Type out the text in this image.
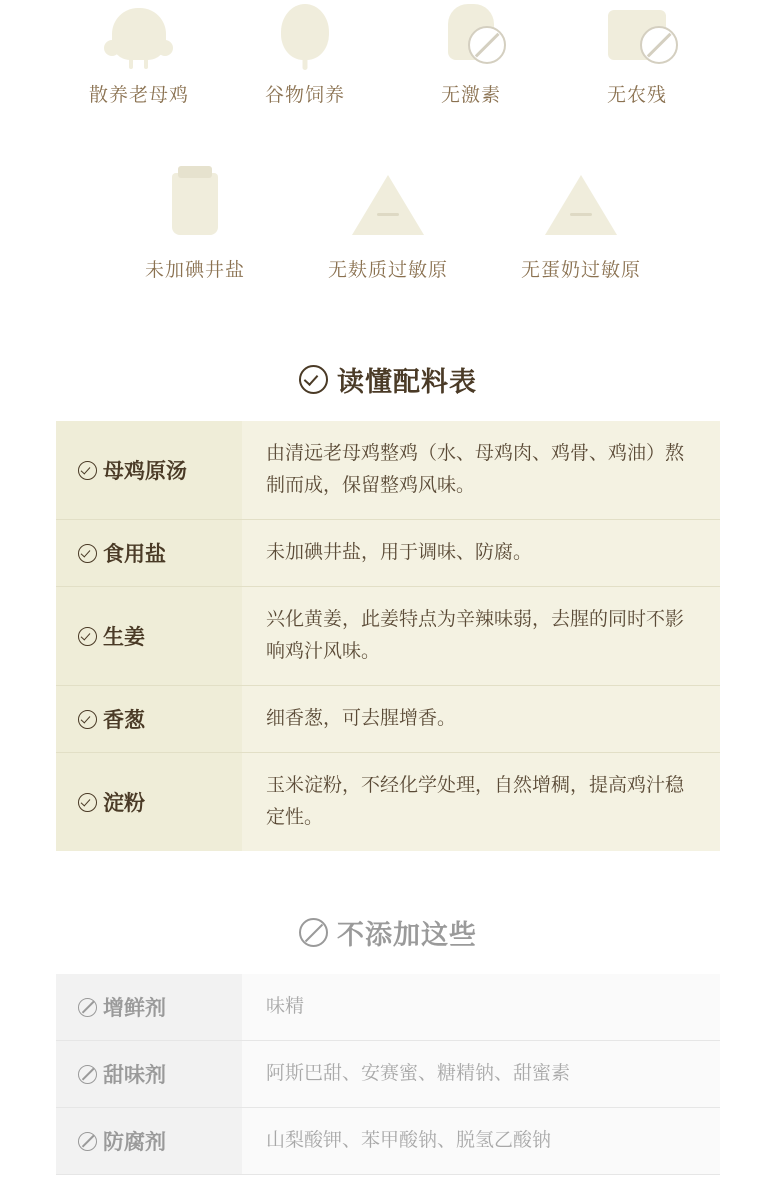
散养老母鸡	谷物饲养	无激素	无农残
未加碘井盐	无麸质过敏原	无蛋奶过敏原
读懂配料表
母鸡原汤	由清远老母鸡整鸡（水、母鸡肉、鸡骨、鸡油）熬制而成，保留整鸡风味。

食用盐	未加碘井盐，用于调味、防腐。

生姜	兴化黄姜，此姜特点为辛辣味弱，去腥的同时不影响鸡汁风味。

香葱	细香葱，可去腥增香。

淀粉	玉米淀粉，不经化学处理，自然增稠，提高鸡汁稳定性。
不添加这些
增鲜剂	味精

甜味剂	阿斯巴甜、安赛蜜、糖精钠、甜蜜素

防腐剂	山梨酸钾、苯甲酸钠、脱氢乙酸钠
